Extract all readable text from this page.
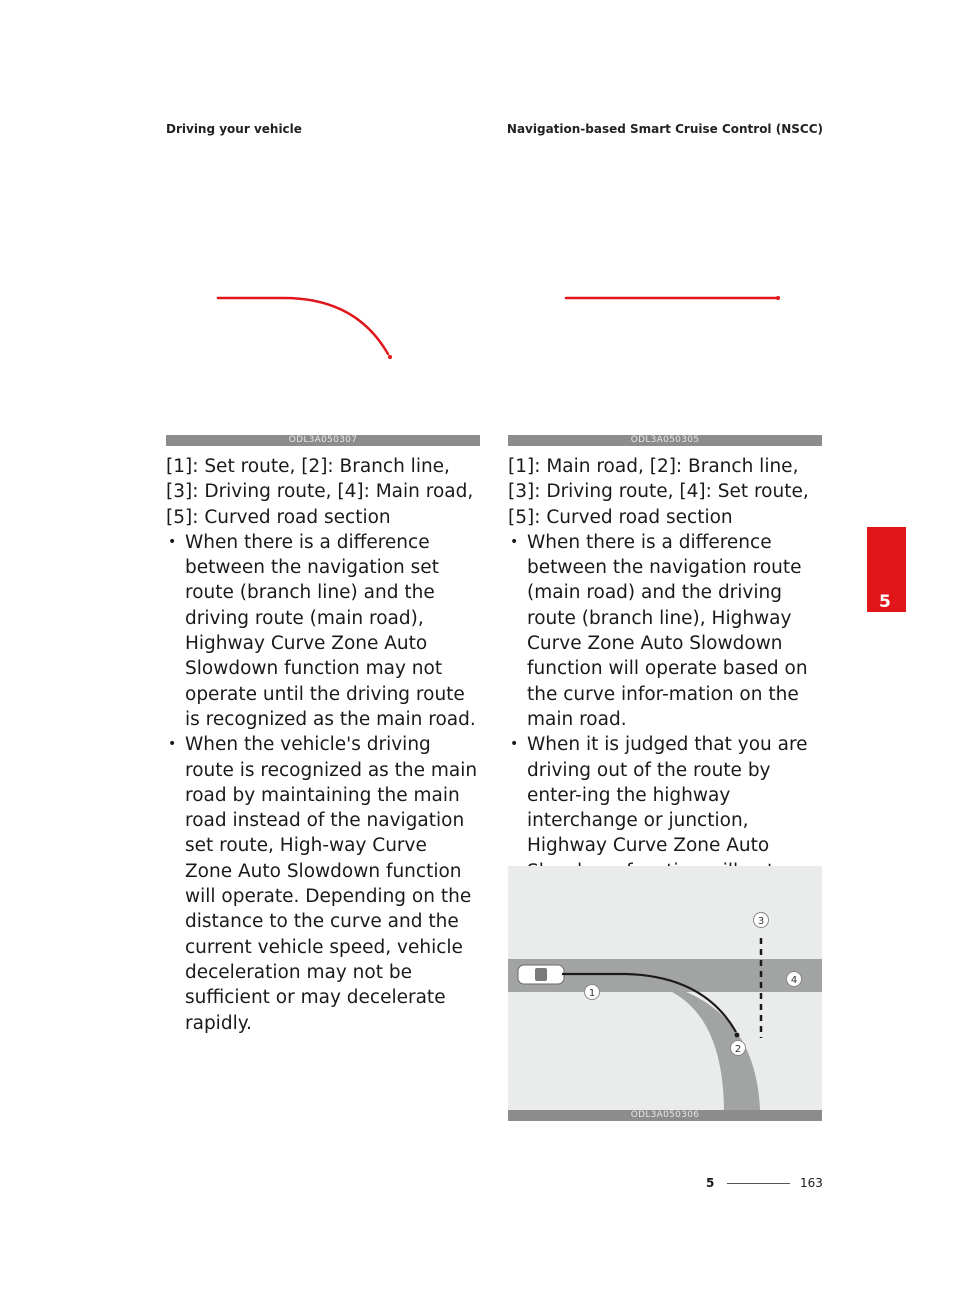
Driving your vehicle	Navigation-based Smart Cruise Control (NSCC)
ODL3A050307	ODL3A050305

[1]: Set route, [2]: Branch line, [3]: Driving route, [4]: Main road, [5]: Curved road section

• When there is a difference between the navigation set route (branch line) and the driving route (main road), Highway Curve Zone Auto Slowdown function may not operate until the driving route is recognized as the main road.
• When the vehicle's driving route is recognized as the main road by maintaining the main road instead of the navigation set route, High-way Curve Zone Auto Slowdown function will operate. Depending on the distance to the curve and the current vehicle speed, vehicle deceleration may not be sufficient or may decelerate rapidly.

[1]: Main road, [2]: Branch line, [3]: Driving route, [4]: Set route, [5]: Curved road section

• When there is a difference between the navigation route (main road) and the driving route (branch line), Highway Curve Zone Auto Slowdown function will operate based on the curve infor-mation on the main road.
• When it is judged that you are driving out of the route by enter-ing the highway interchange or junction, Highway Curve Zone Auto
1
2
3
4
ODL3A050306
5
5	163
